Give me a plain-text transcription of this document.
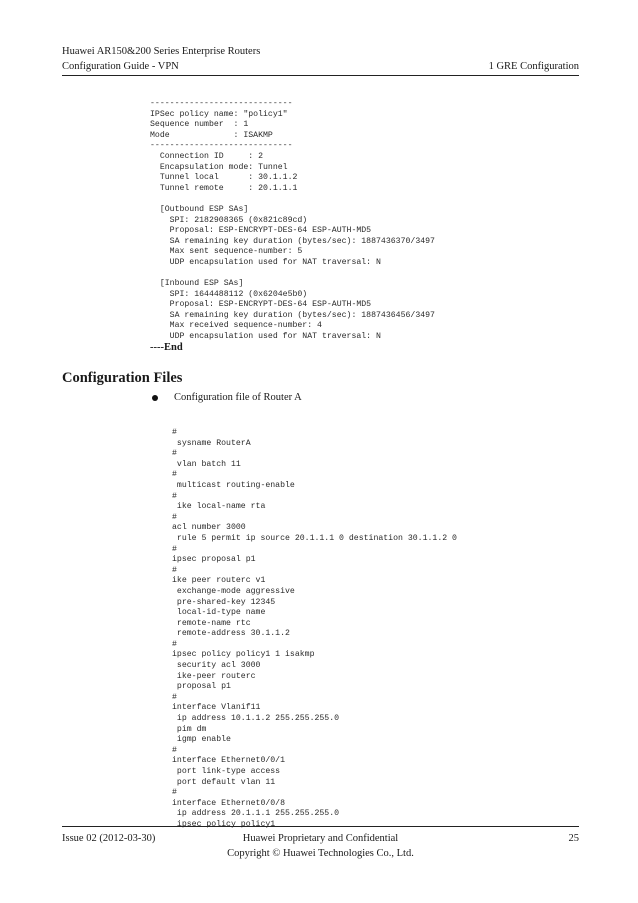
Huawei AR150&200 Series Enterprise Routers
Configuration Guide - VPN	1 GRE Configuration
-----------------------------
IPSec policy name: "policy1"
Sequence number  : 1
Mode             : ISAKMP
-----------------------------
Connection ID     : 2
Encapsulation mode: Tunnel
Tunnel local      : 30.1.1.2
Tunnel remote     : 20.1.1.1

[Outbound ESP SAs]
SPI: 2182908365 (0x821c89cd)
Proposal: ESP-ENCRYPT-DES-64 ESP-AUTH-MD5
SA remaining key duration (bytes/sec): 1887436370/3497
Max sent sequence-number: 5
UDP encapsulation used for NAT traversal: N

[Inbound ESP SAs]
SPI: 1644488112 (0x6204e5b0)
Proposal: ESP-ENCRYPT-DES-64 ESP-AUTH-MD5
SA remaining key duration (bytes/sec): 1887436456/3497
Max received sequence-number: 4
UDP encapsulation used for NAT traversal: N
----End
Configuration Files
Configuration file of Router A
#
sysname RouterA
#
vlan batch 11
#
multicast routing-enable
#
ike local-name rta
#
acl number 3000
rule 5 permit ip source 20.1.1.1 0 destination 30.1.1.2 0
#
ipsec proposal p1
#
ike peer routerc v1
exchange-mode aggressive
pre-shared-key 12345
local-id-type name
remote-name rtc
remote-address 30.1.1.2
#
ipsec policy policy1 1 isakmp
security acl 3000
ike-peer routerc
proposal p1
#
interface Vlanif11
ip address 10.1.1.2 255.255.255.0
pim dm
igmp enable
#
interface Ethernet0/0/1
port link-type access
port default vlan 11
#
interface Ethernet0/0/8
ip address 20.1.1.1 255.255.255.0
ipsec policy policy1
Issue 02 (2012-03-30)	Huawei Proprietary and Confidential
Copyright © Huawei Technologies Co., Ltd.
25
